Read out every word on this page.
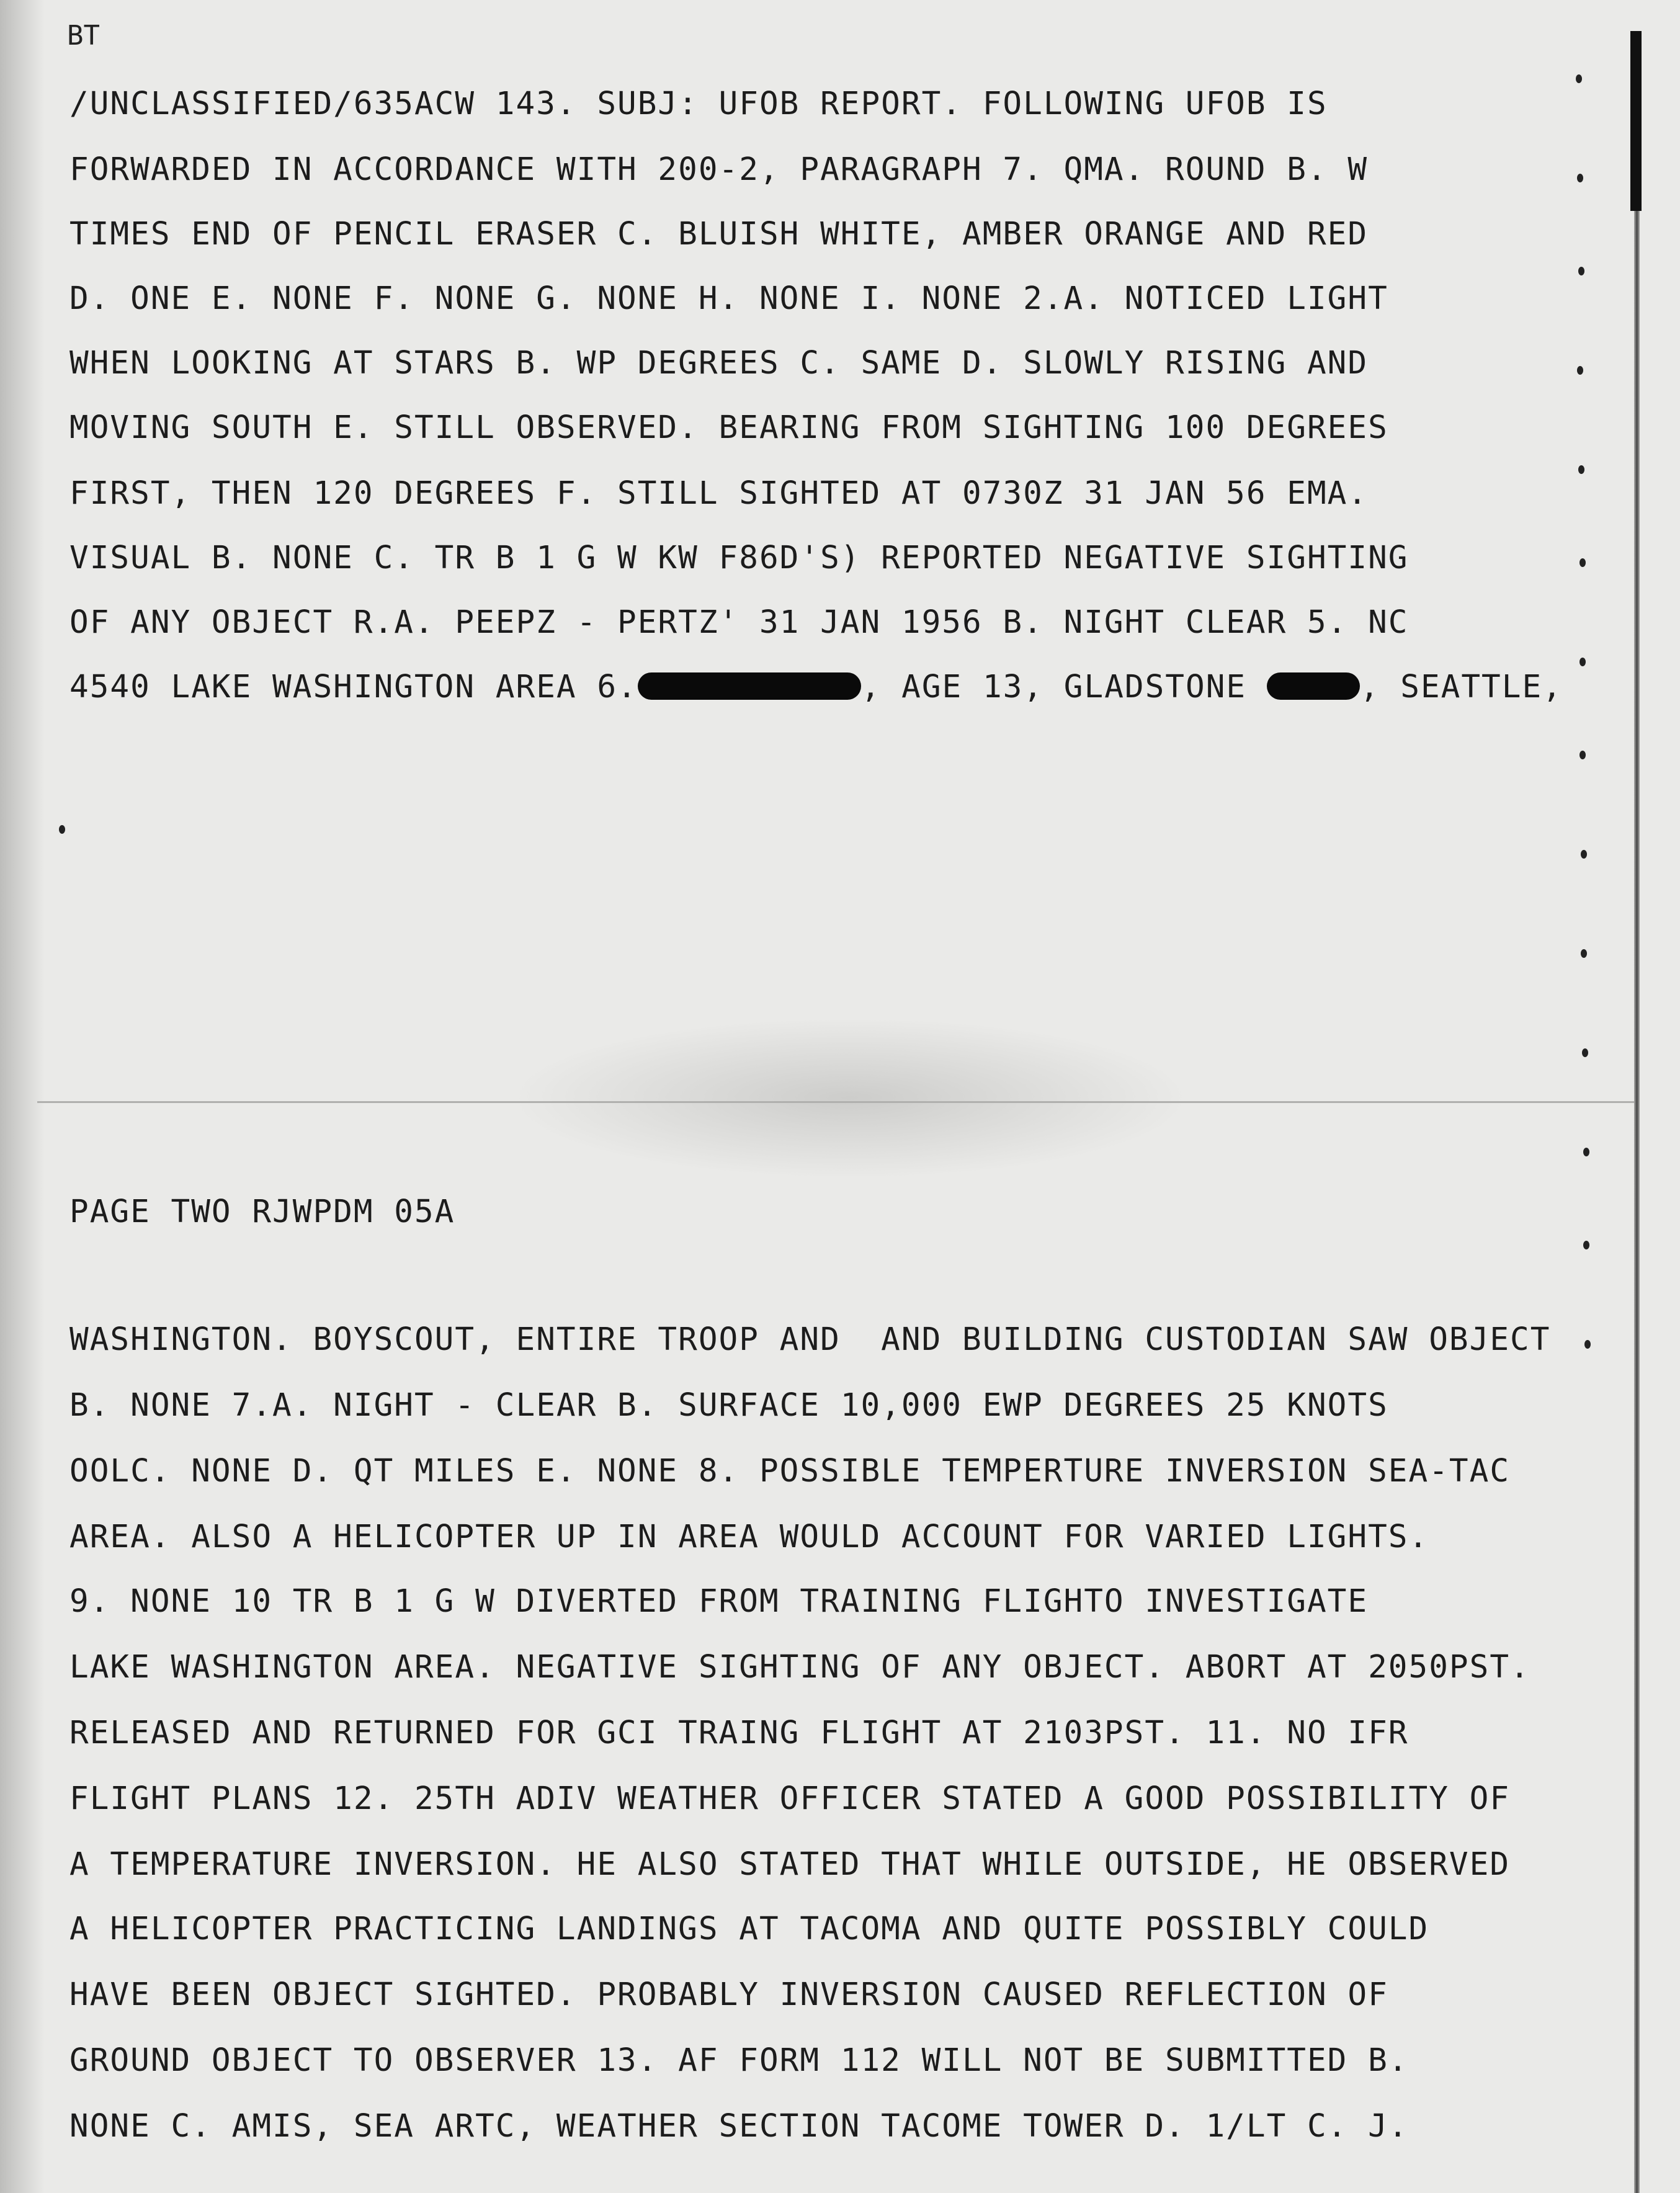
BT
/UNCLASSIFIED/635ACW 143. SUBJ: UFOB REPORT. FOLLOWING UFOB IS
FORWARDED IN ACCORDANCE WITH 200-2, PARAGRAPH 7. QMA. ROUND B. W
TIMES END OF PENCIL ERASER C. BLUISH WHITE, AMBER ORANGE AND RED
D. ONE E. NONE F. NONE G. NONE H. NONE I. NONE 2.A. NOTICED LIGHT
WHEN LOOKING AT STARS B. WP DEGREES C. SAME D. SLOWLY RISING AND
MOVING SOUTH E. STILL OBSERVED. BEARING FROM SIGHTING 100 DEGREES
FIRST, THEN 120 DEGREES F. STILL SIGHTED AT 0730Z 31 JAN 56 EMA.
VISUAL B. NONE C. TR B 1 G W KW F86D'S) REPORTED NEGATIVE SIGHTING
OF ANY OBJECT R.A. PEEPZ - PERTZ' 31 JAN 1956 B. NIGHT CLEAR 5. NC
4540 LAKE WASHINGTON AREA 6.	, AGE 13, GLADSTONE	, SEATTLE,
PAGE TWO RJWPDM 05A
WASHINGTON. BOYSCOUT, ENTIRE TROOP AND  AND BUILDING CUSTODIAN SAW OBJECT
B. NONE 7.A. NIGHT - CLEAR B. SURFACE 10,000 EWP DEGREES 25 KNOTS
OOLC. NONE D. QT MILES E. NONE 8. POSSIBLE TEMPERTURE INVERSION SEA-TAC
AREA. ALSO A HELICOPTER UP IN AREA WOULD ACCOUNT FOR VARIED LIGHTS.
9. NONE 10 TR B 1 G W DIVERTED FROM TRAINING FLIGHTO INVESTIGATE
LAKE WASHINGTON AREA. NEGATIVE SIGHTING OF ANY OBJECT. ABORT AT 2050PST.
RELEASED AND RETURNED FOR GCI TRAING FLIGHT AT 2103PST. 11. NO IFR
FLIGHT PLANS 12. 25TH ADIV WEATHER OFFICER STATED A GOOD POSSIBILITY OF
A TEMPERATURE INVERSION. HE ALSO STATED THAT WHILE OUTSIDE, HE OBSERVED
A HELICOPTER PRACTICING LANDINGS AT TACOMA AND QUITE POSSIBLY COULD
HAVE BEEN OBJECT SIGHTED. PROBABLY INVERSION CAUSED REFLECTION OF
GROUND OBJECT TO OBSERVER 13. AF FORM 112 WILL NOT BE SUBMITTED B.
NONE C. AMIS, SEA ARTC, WEATHER SECTION TACOME TOWER D. 1/LT C. J.
